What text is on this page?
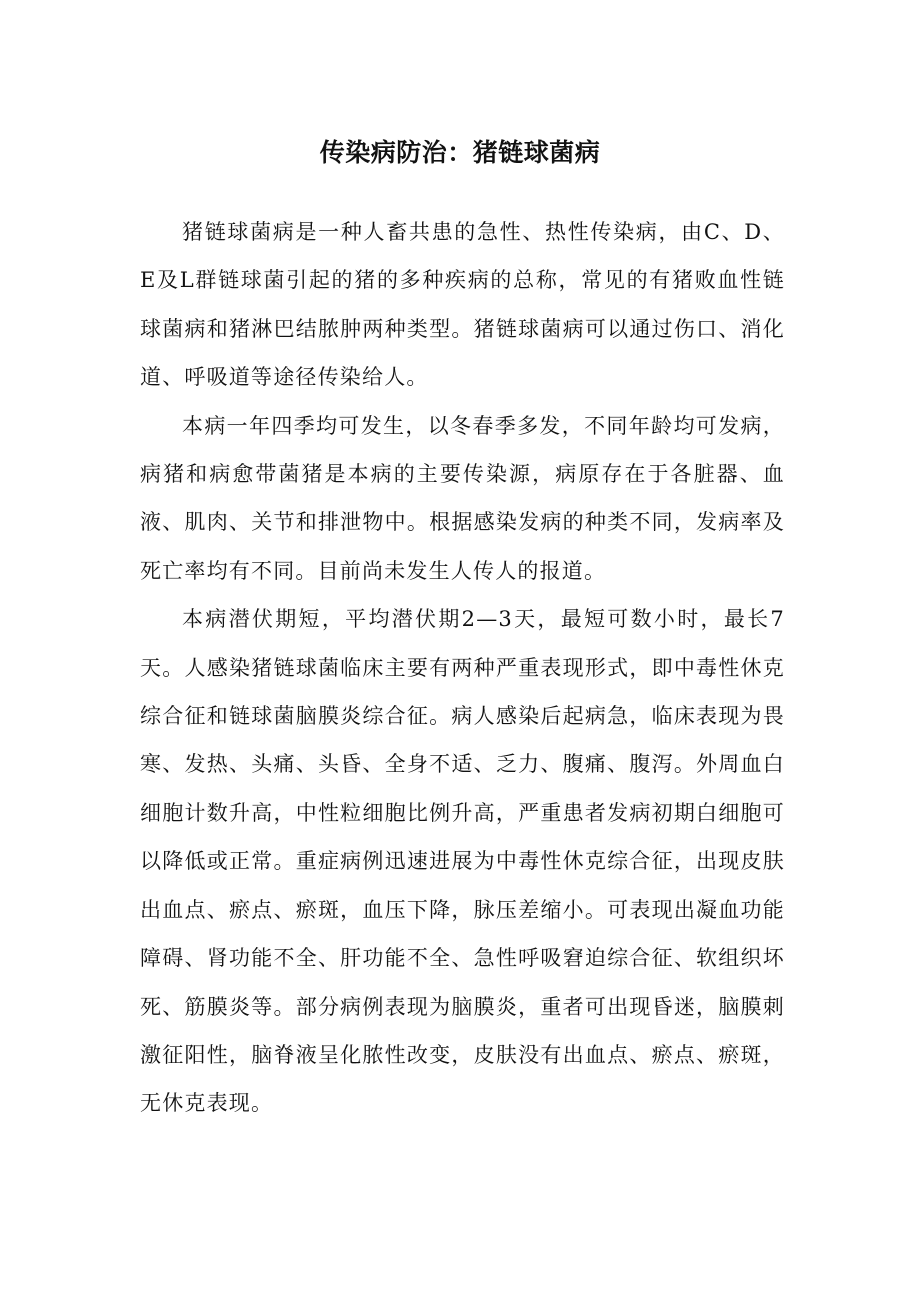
传染病防治：猪链球菌病

猪链球菌病是一种人畜共患的急性、热性传染病，由C、D、E及L群链球菌引起的猪的多种疾病的总称，常见的有猪败血性链球菌病和猪淋巴结脓肿两种类型。猪链球菌病可以通过伤口、消化道、呼吸道等途径传染给人。

本病一年四季均可发生，以冬春季多发，不同年龄均可发病，病猪和病愈带菌猪是本病的主要传染源，病原存在于各脏器、血液、肌肉、关节和排泄物中。根据感染发病的种类不同，发病率及死亡率均有不同。目前尚未发生人传人的报道。

本病潜伏期短，平均潜伏期2—3天，最短可数小时，最长7天。人感染猪链球菌临床主要有两种严重表现形式，即中毒性休克综合征和链球菌脑膜炎综合征。病人感染后起病急，临床表现为畏寒、发热、头痛、头昏、全身不适、乏力、腹痛、腹泻。外周血白细胞计数升高，中性粒细胞比例升高，严重患者发病初期白细胞可以降低或正常。重症病例迅速进展为中毒性休克综合征，出现皮肤出血点、瘀点、瘀斑，血压下降，脉压差缩小。可表现出凝血功能障碍、肾功能不全、肝功能不全、急性呼吸窘迫综合征、软组织坏死、筋膜炎等。部分病例表现为脑膜炎，重者可出现昏迷，脑膜刺激征阳性，脑脊液呈化脓性改变，皮肤没有出血点、瘀点、瘀斑，无休克表现。
